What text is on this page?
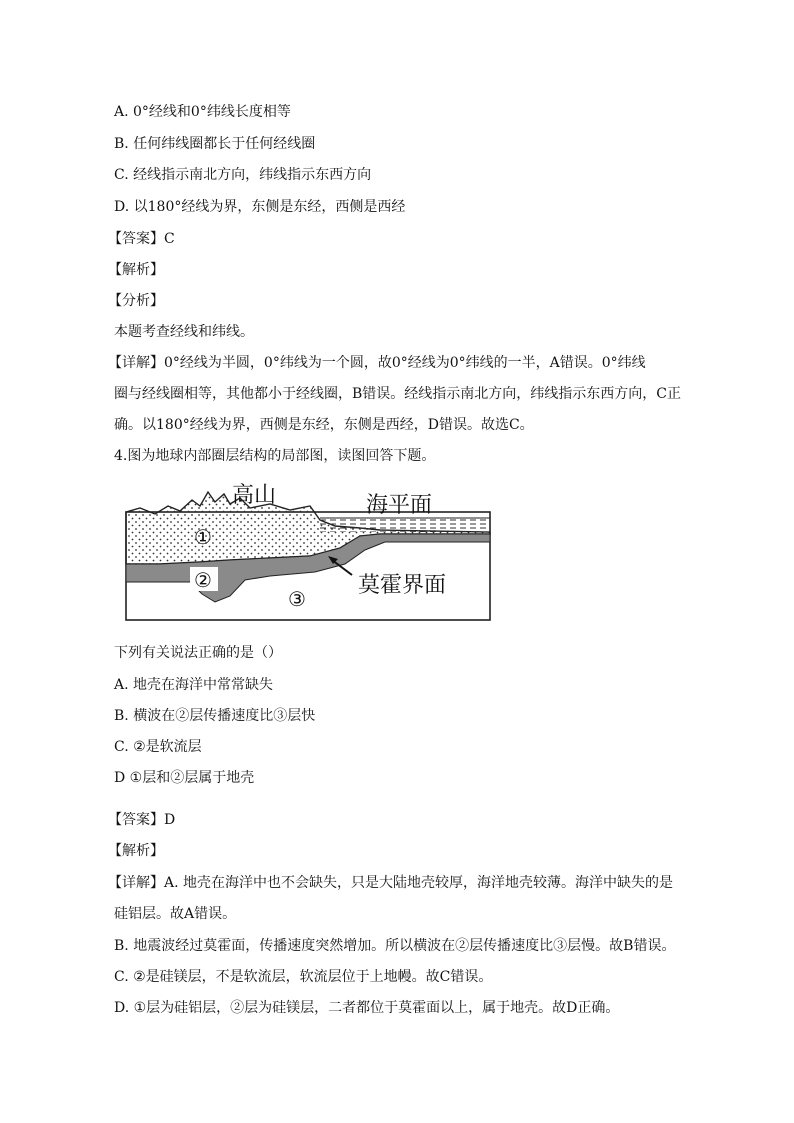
A. 0°经线和0°纬线长度相等
B. 任何纬线圈都长于任何经线圈
C. 经线指示南北方向，纬线指示东西方向
D. 以180°经线为界，东侧是东经，西侧是西经
【答案】C
【解析】
【分析】
本题考查经线和纬线。
【详解】0°经线为半圆，0°纬线为一个圆，故0°经线为0°纬线的一半，A错误。0°纬线
圈与经线圈相等，其他都小于经线圈，B错误。经线指示南北方向，纬线指示东西方向，C正
确。以180°经线为界，西侧是东经，东侧是西经，D错误。故选C。
4.图为地球内部圈层结构的局部图，读图回答下题。
高山	海平面
莫霍界面
①
②
③
下列有关说法正确的是（）
A. 地壳在海洋中常常缺失
B. 横波在②层传播速度比③层快
C. ②是软流层
D ①层和②层属于地壳
【答案】D
【解析】
【详解】A. 地壳在海洋中也不会缺失，只是大陆地壳较厚，海洋地壳较薄。海洋中缺失的是
硅铝层。故A错误。
B. 地震波经过莫霍面，传播速度突然增加。所以横波在②层传播速度比③层慢。故B错误。
C. ②是硅镁层，不是软流层，软流层位于上地幔。故C错误。
D. ①层为硅铝层，②层为硅镁层，二者都位于莫霍面以上，属于地壳。故D正确。
